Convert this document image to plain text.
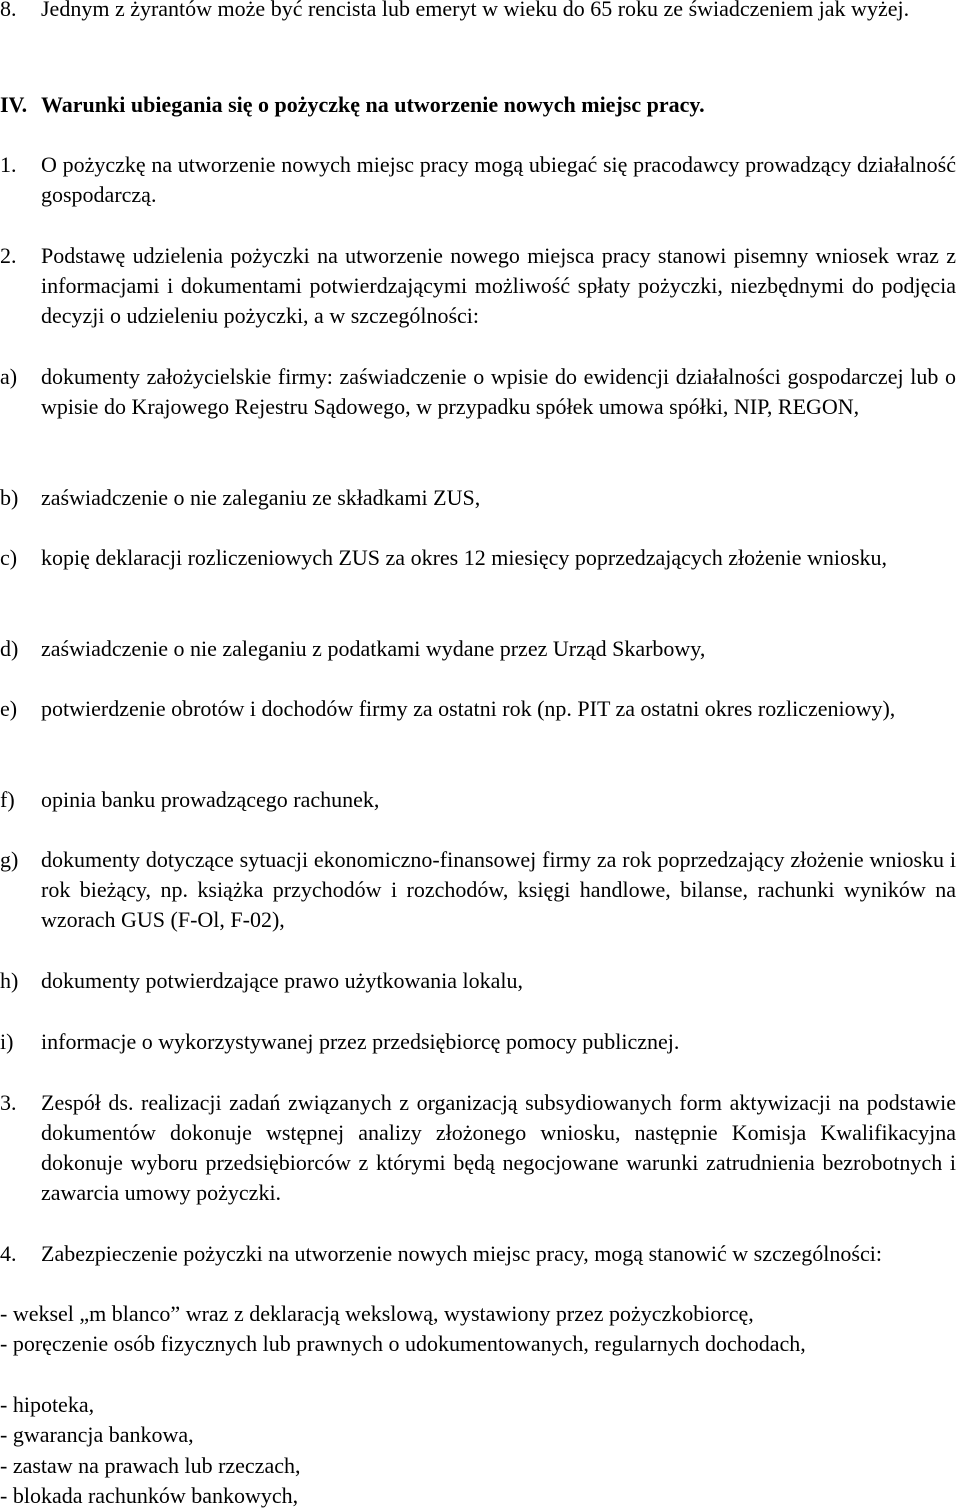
8.	Jednym z żyrantów może być rencista lub emeryt w wieku do 65 roku ze świadczeniem jak wyżej.
IV. Warunki ubiegania się o pożyczkę na utworzenie nowych miejsc pracy.
1.	O pożyczkę na utworzenie nowych miejsc pracy mogą ubiegać się pracodawcy prowadzący działalność gospodarczą.
2.	Podstawę udzielenia pożyczki na utworzenie nowego miejsca pracy stanowi pisemny wniosek wraz z informacjami i dokumentami potwierdzającymi możliwość spłaty pożyczki, niezbędnymi do podjęcia decyzji o udzieleniu pożyczki, a w szczególności:
a)	dokumenty założycielskie firmy: zaświadczenie o wpisie do ewidencji działalności gospodarczej lub o wpisie do Krajowego Rejestru Sądowego, w przypadku spółek umowa spółki, NIP, REGON,
b)	zaświadczenie o nie zaleganiu ze składkami ZUS,
c)	kopię deklaracji rozliczeniowych ZUS za okres 12 miesięcy poprzedzających złożenie wniosku,
d)	zaświadczenie o nie zaleganiu z podatkami wydane przez Urząd Skarbowy,
e)	potwierdzenie obrotów i dochodów firmy za ostatni rok (np. PIT za ostatni okres rozliczeniowy),
f)	opinia banku prowadzącego rachunek,
g)	dokumenty dotyczące sytuacji ekonomiczno-finansowej firmy za rok poprzedzający złożenie wniosku i rok bieżący, np. książka przychodów i rozchodów, księgi handlowe, bilanse, rachunki wyników na wzorach GUS (F-Ol, F-02),
h)	dokumenty potwierdzające prawo użytkowania lokalu,
i)	informacje o wykorzystywanej przez przedsiębiorcę pomocy publicznej.
3.	Zespół ds. realizacji zadań związanych z organizacją subsydiowanych form aktywizacji na podstawie dokumentów dokonuje wstępnej analizy złożonego wniosku, następnie Komisja Kwalifikacyjna dokonuje wyboru przedsiębiorców z którymi będą negocjowane warunki zatrudnienia bezrobotnych i zawarcia umowy pożyczki.
4.	Zabezpieczenie pożyczki na utworzenie nowych miejsc pracy, mogą stanowić w szczególności:
- weksel „m blanco” wraz z deklaracją wekslową, wystawiony przez pożyczkobiorcę,
- poręczenie osób fizycznych lub prawnych o udokumentowanych, regularnych dochodach,
- hipoteka,
- gwarancja bankowa,
- zastaw na prawach lub rzeczach,
- blokada rachunków bankowych,
